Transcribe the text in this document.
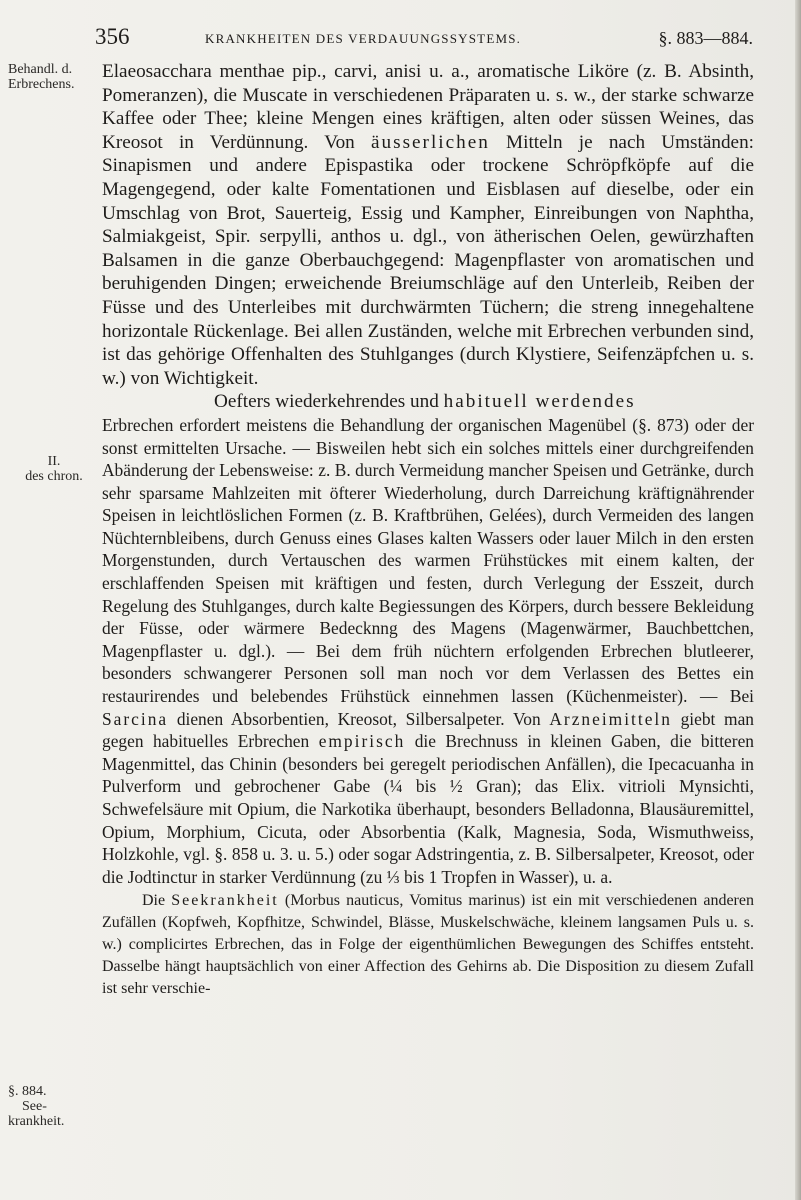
356	KRANKHEITEN DES VERDAUUNGSSYSTEMS.	§. 883—884.
Behandl. d.
Erbrechens.
II.
des chron.
§. 884.
See-
krankheit.

Elaeosacchara menthae pip., carvi, anisi u. a., aromatische Liköre (z. B. Absinth, Pomeranzen), die Muscate in verschiedenen Präparaten u. s. w., der starke schwarze Kaffee oder Thee; kleine Mengen eines kräftigen, alten oder süssen Weines, das Kreosot in Verdünnung. Von äusserlichen Mitteln je nach Umständen: Sinapismen und andere Epispastika oder trockene Schröpfköpfe auf die Magengegend, oder kalte Fomentationen und Eisblasen auf dieselbe, oder ein Umschlag von Brot, Sauerteig, Essig und Kampher, Einreibungen von Naphtha, Salmiakgeist, Spir. serpylli, anthos u. dgl., von ätherischen Oelen, gewürzhaften Balsamen in die ganze Oberbauchgegend: Magenpflaster von aromatischen und beruhigenden Dingen; erweichende Breiumschläge auf den Unterleib, Reiben der Füsse und des Unterleibes mit durchwärmten Tüchern; die streng innegehaltene horizontale Rückenlage. Bei allen Zuständen, welche mit Erbrechen verbunden sind, ist das gehörige Offenhalten des Stuhlganges (durch Klystiere, Seifenzäpfchen u. s. w.) von Wichtigkeit.

Oefters wiederkehrendes und habituell werdendes

Erbrechen erfordert meistens die Behandlung der organischen Magenübel (§. 873) oder der sonst ermittelten Ursache. — Bisweilen hebt sich ein solches mittels einer durchgreifenden Abänderung der Lebensweise: z. B. durch Vermeidung mancher Speisen und Getränke, durch sehr sparsame Mahlzeiten mit öfterer Wiederholung, durch Darreichung kräftignährender Speisen in leichtlöslichen Formen (z. B. Kraftbrühen, Gelées), durch Vermeiden des langen Nüchternbleibens, durch Genuss eines Glases kalten Wassers oder lauer Milch in den ersten Morgenstunden, durch Vertauschen des warmen Frühstückes mit einem kalten, der erschlaffenden Speisen mit kräftigen und festen, durch Verlegung der Esszeit, durch Regelung des Stuhlganges, durch kalte Begiessungen des Körpers, durch bessere Bekleidung der Füsse, oder wärmere Bedecknng des Magens (Magenwärmer, Bauchbettchen, Magenpflaster u. dgl.). — Bei dem früh nüchtern erfolgenden Erbrechen blutleerer, besonders schwangerer Personen soll man noch vor dem Verlassen des Bettes ein restaurirendes und belebendes Frühstück einnehmen lassen (Küchenmeister). — Bei Sarcina dienen Absorbentien, Kreosot, Silbersalpeter. Von Arzneimitteln giebt man gegen habituelles Erbrechen empirisch die Brechnuss in kleinen Gaben, die bitteren Magenmittel, das Chinin (besonders bei geregelt periodischen Anfällen), die Ipecacuanha in Pulverform und gebrochener Gabe (¼ bis ½ Gran); das Elix. vitrioli Mynsichti, Schwefelsäure mit Opium, die Narkotika überhaupt, besonders Belladonna, Blausäuremittel, Opium, Morphium, Cicuta, oder Absorbentia (Kalk, Magnesia, Soda, Wismuthweiss, Holzkohle, vgl. §. 858 u. 3. u. 5.) oder sogar Adstringentia, z. B. Silbersalpeter, Kreosot, oder die Jodtinctur in starker Verdünnung (zu ⅓ bis 1 Tropfen in Wasser), u. a.

Die Seekrankheit (Morbus nauticus, Vomitus marinus) ist ein mit verschiedenen anderen Zufällen (Kopfweh, Kopfhitze, Schwindel, Blässe, Muskelschwäche, kleinem langsamen Puls u. s. w.) complicirtes Erbrechen, das in Folge der eigenthümlichen Bewegungen des Schiffes entsteht. Dasselbe hängt hauptsächlich von einer Affection des Gehirns ab. Die Disposition zu diesem Zufall ist sehr verschie-
